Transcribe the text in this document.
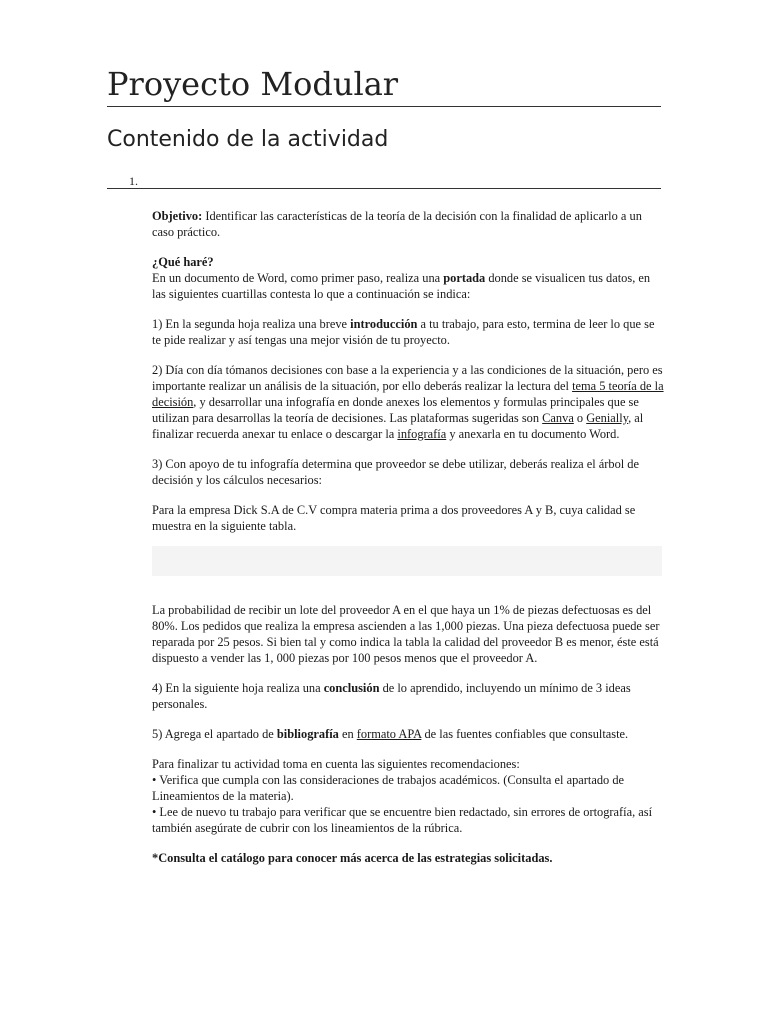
Proyecto Modular
Contenido de la actividad
1.

Objetivo: Identificar las características de la teoría de la decisión con la finalidad de aplicarlo a un caso práctico.

¿Qué haré?
En un documento de Word, como primer paso, realiza una portada donde se visualicen tus datos, en las siguientes cuartillas contesta lo que a continuación se indica:

1) En la segunda hoja realiza una breve introducción a tu trabajo, para esto, termina de leer lo que se te pide realizar y así tengas una mejor visión de tu proyecto.

2) Día con día tómanos decisiones con base a la experiencia y a las condiciones de la situación, pero es importante realizar un análisis de la situación, por ello deberás realizar la lectura del tema 5 teoría de la decisión, y desarrollar una infografía en donde anexes los elementos y formulas principales que se utilizan para desarrollas la teoría de decisiones. Las plataformas sugeridas son Canva o Genially, al finalizar recuerda anexar tu enlace o descargar la infografía y anexarla en tu documento Word.

3) Con apoyo de tu infografía determina que proveedor se debe utilizar, deberás realiza el árbol de decisión y los cálculos necesarios:

Para la empresa Dick S.A de C.V compra materia prima a dos proveedores A y B, cuya calidad se muestra en la siguiente tabla.

La probabilidad de recibir un lote del proveedor A en el que haya un 1% de piezas defectuosas es del 80%. Los pedidos que realiza la empresa ascienden a las 1,000 piezas. Una pieza defectuosa puede ser reparada por 25 pesos. Si bien tal y como indica la tabla la calidad del proveedor B es menor, éste está dispuesto a vender las 1, 000 piezas por 100 pesos menos que el proveedor A.

4) En la siguiente hoja realiza una conclusión de lo aprendido, incluyendo un mínimo de 3 ideas personales.

5) Agrega el apartado de bibliografía en formato APA de las fuentes confiables que consultaste.

Para finalizar tu actividad toma en cuenta las siguientes recomendaciones:
• Verifica que cumpla con las consideraciones de trabajos académicos. (Consulta el apartado de Lineamientos de la materia).
• Lee de nuevo tu trabajo para verificar que se encuentre bien redactado, sin errores de ortografía, así también asegúrate de cubrir con los lineamientos de la rúbrica.

*Consulta el catálogo para conocer más acerca de las estrategias solicitadas.
